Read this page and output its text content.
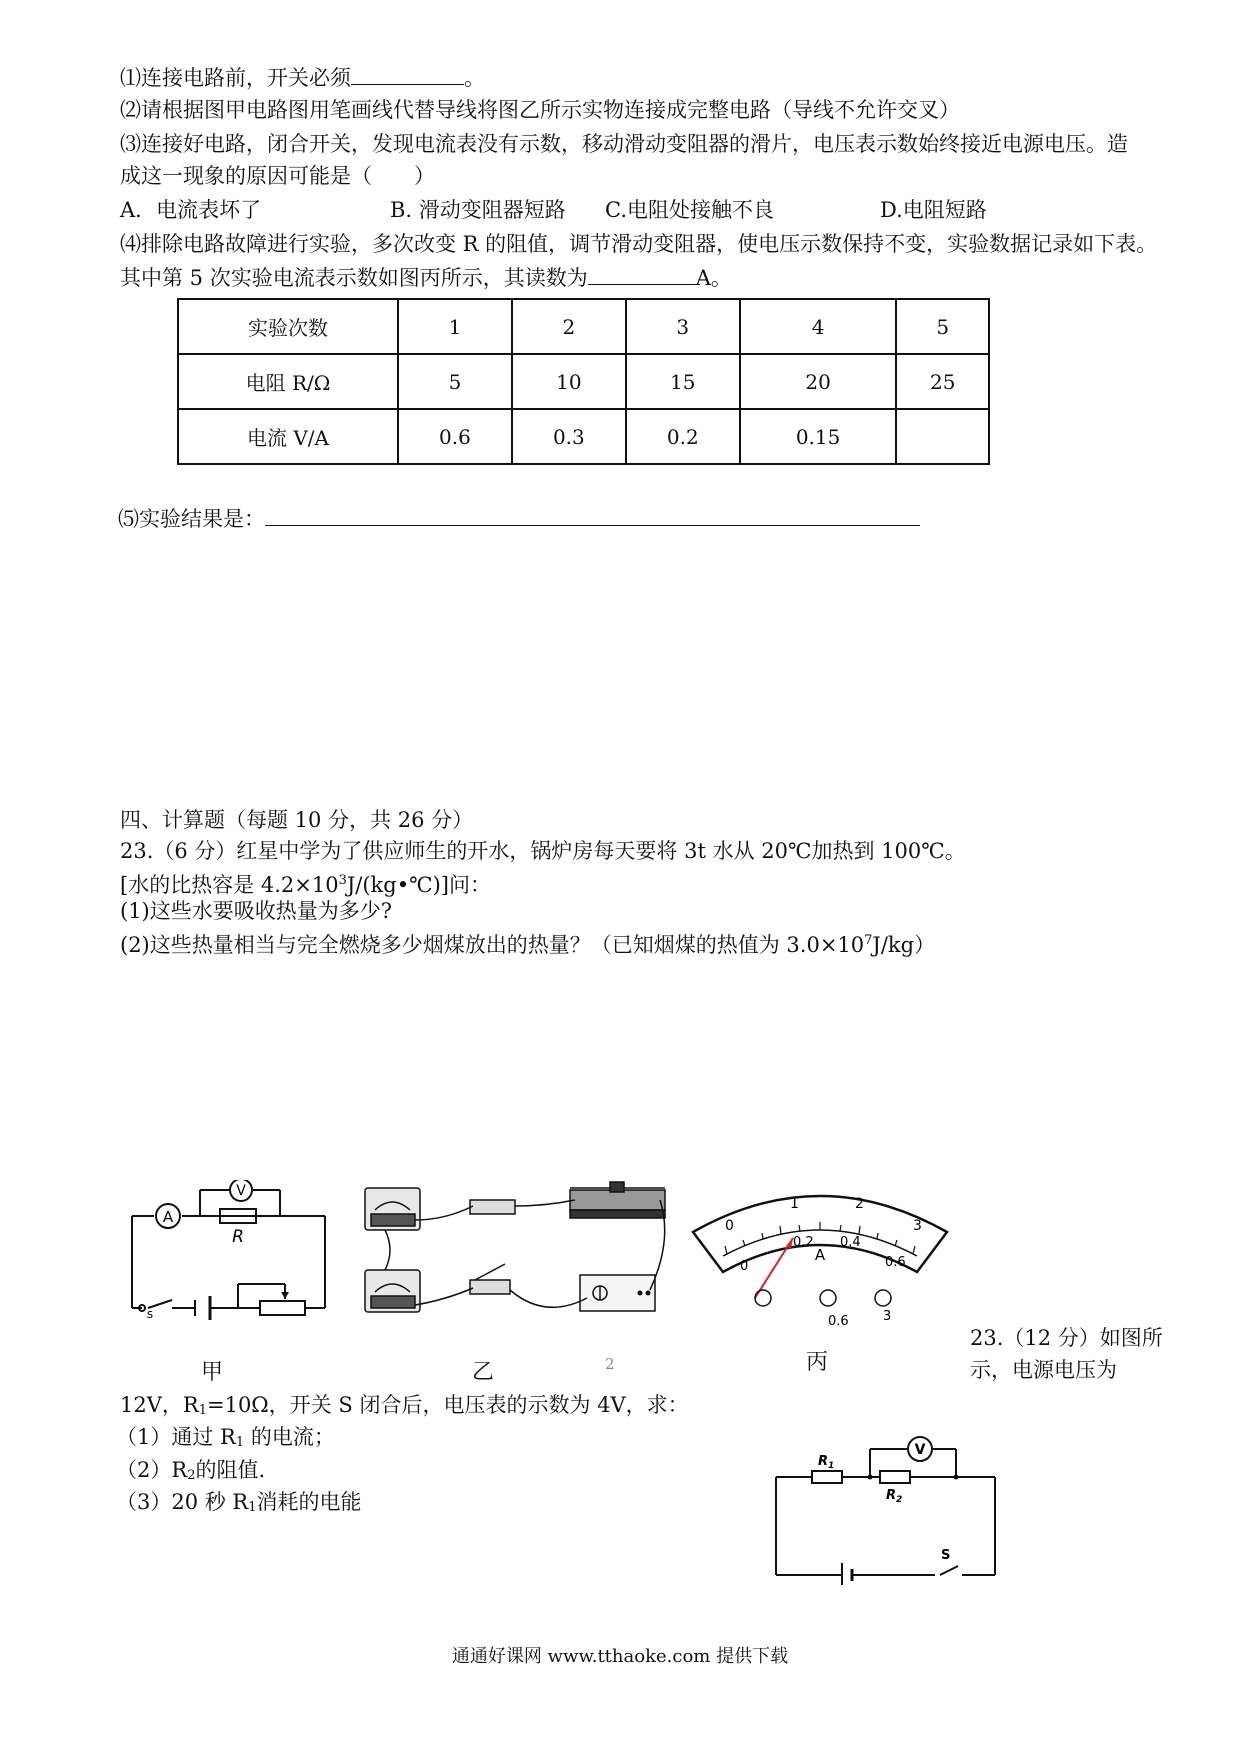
⑴连接电路前，开关必须	。
⑵请根据图甲电路图用笔画线代替导线将图乙所示实物连接成完整电路（导线不允许交叉）
⑶连接好电路，闭合开关，发现电流表没有示数，移动滑动变阻器的滑片，电压表示数始终接近电源电压。造
成这一现象的原因可能是（　　）
A．电流表坏了	B. 滑动变阻器短路 C.电阻处接触不良	D.电阻短路
⑷排除电路故障进行实验，多次改变 R 的阻值，调节滑动变阻器，使电压示数保持不变，实验数据记录如下表。
其中第 5 次实验电流表示数如图丙所示，其读数为	A。
实验次数	1	2	3	4	5
电阻 R/Ω	5	10	15	20	25
电流 V/A	0.6	0.3	0.2	0.15	
⑸实验结果是：
四、计算题（每题 10 分，共 26 分）
23.（6 分）红星中学为了供应师生的开水，锅炉房每天要将 3t 水从 20℃加热到 100℃。
[水的比热容是 $4.2\times 10^3J/(kg•℃)$]问：
(1)这些水要吸收热量为多少?
(2)这些热量相当与完全燃烧多少烟煤放出的热量？（已知烟煤的热值为 $3.0\times 10^7J/kg$）
A
V
R
s
甲	乙	2
0
1	2
3
0
0.2 0.4
0.6
A
0.6	3
丙
23.（12 分）如图所
示，电源电压为
12V，R1=10Ω，开关 S 闭合后，电压表的示数为 4V，求：
（1）通过 R1 的电流；
（2）R2的阻值.
（3）20 秒 R1消耗的电能
V
$R_1$
$R_2$
S
通通好课网 www.tthaoke.com 提供下载
